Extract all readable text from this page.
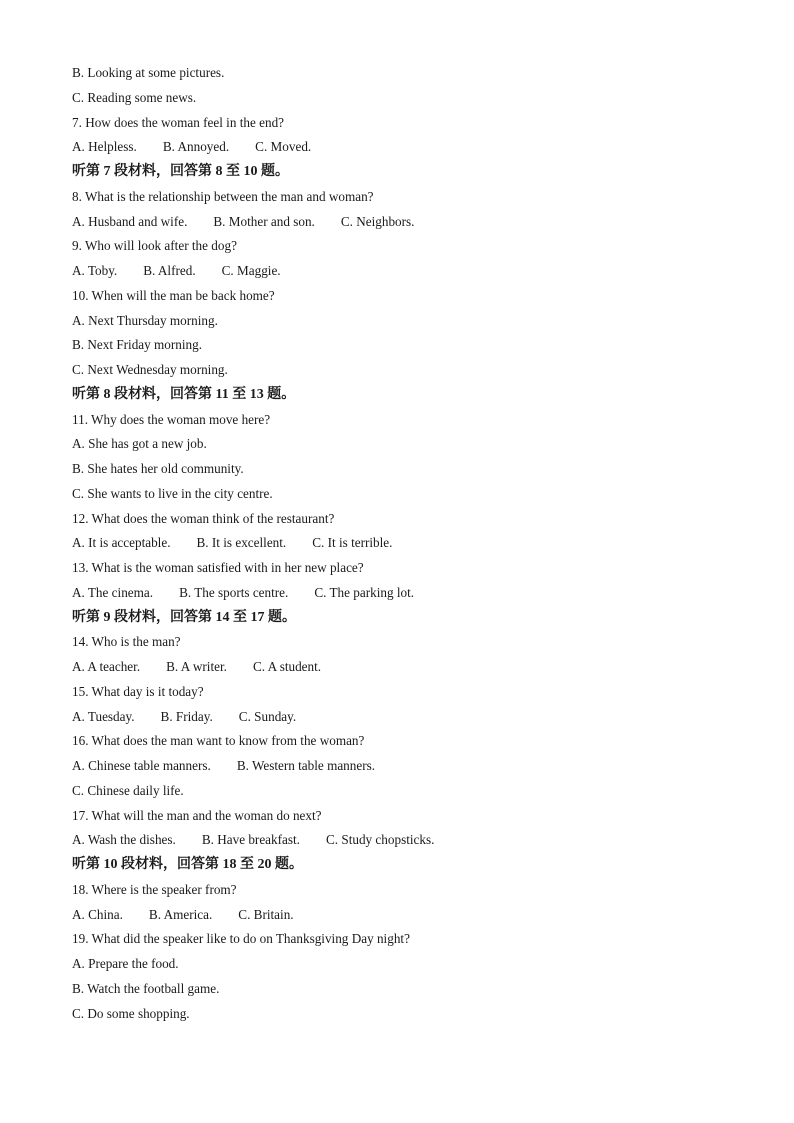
B. Looking at some pictures.
C. Reading some news.
7. How does the woman feel in the end?
A. Helpless. B. Annoyed. C. Moved.
听第 7 段材料，回答第 8 至 10 题。
8. What is the relationship between the man and woman?
A. Husband and wife. B. Mother and son. C. Neighbors.
9. Who will look after the dog?
A. Toby. B. Alfred. C. Maggie.
10. When will the man be back home?
A. Next Thursday morning.
B. Next Friday morning.
C. Next Wednesday morning.
听第 8 段材料，回答第 11 至 13 题。
11. Why does the woman move here?
A. She has got a new job.
B. She hates her old community.
C. She wants to live in the city centre.
12. What does the woman think of the restaurant?
A. It is acceptable. B. It is excellent. C. It is terrible.
13. What is the woman satisfied with in her new place?
A. The cinema. B. The sports centre. C. The parking lot.
听第 9 段材料，回答第 14 至 17 题。
14. Who is the man?
A. A teacher. B. A writer. C. A student.
15. What day is it today?
A. Tuesday. B. Friday. C. Sunday.
16. What does the man want to know from the woman?
A. Chinese table manners. B. Western table manners.
C. Chinese daily life.
17. What will the man and the woman do next?
A. Wash the dishes. B. Have breakfast. C. Study chopsticks.
听第 10 段材料，回答第 18 至 20 题。
18. Where is the speaker from?
A. China. B. America. C. Britain.
19. What did the speaker like to do on Thanksgiving Day night?
A. Prepare the food.
B. Watch the football game.
C. Do some shopping.
